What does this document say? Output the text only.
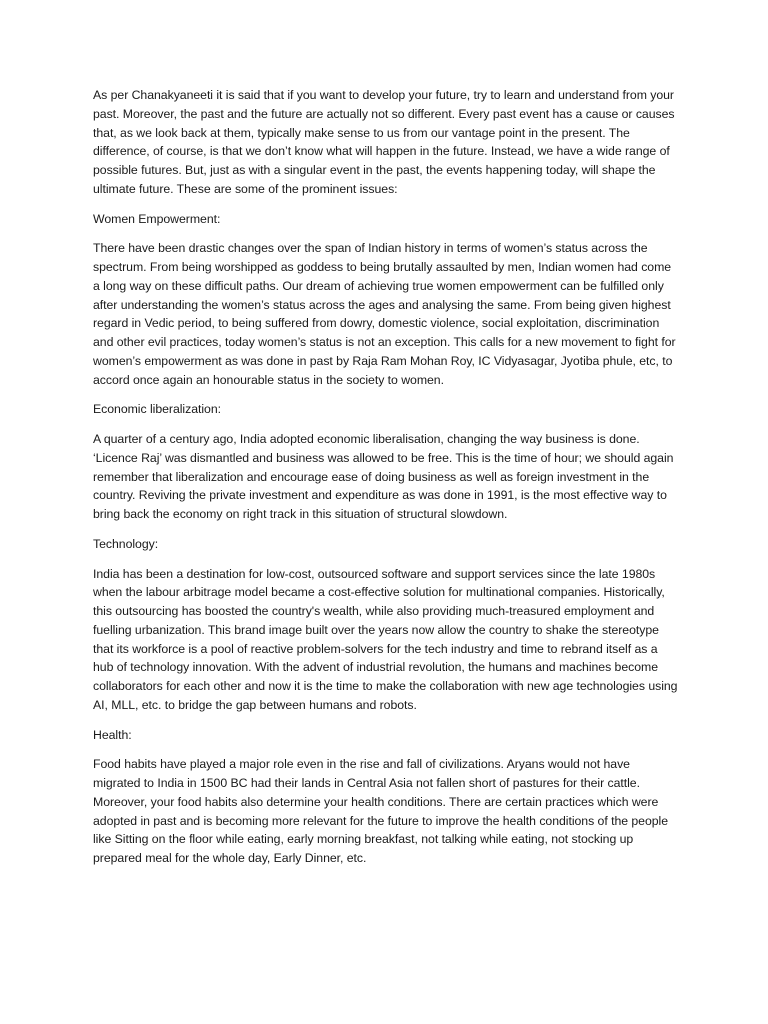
As per Chanakyaneeti it is said that if you want to develop your future, try to learn and understand from your past. Moreover, the past and the future are actually not so different. Every past event has a cause or causes that, as we look back at them, typically make sense to us from our vantage point in the present. The difference, of course, is that we don’t know what will happen in the future. Instead, we have a wide range of possible futures. But, just as with a singular event in the past, the events happening today, will shape the ultimate future. These are some of the prominent issues:

Women Empowerment:

There have been drastic changes over the span of Indian history in terms of women’s status across the spectrum. From being worshipped as goddess to being brutally assaulted by men, Indian women had come a long way on these difficult paths. Our dream of achieving true women empowerment can be fulfilled only after understanding the women’s status across the ages and analysing the same. From being given highest regard in Vedic period, to being suffered from dowry, domestic violence, social exploitation, discrimination and other evil practices, today women’s status is not an exception. This calls for a new movement to fight for women’s empowerment as was done in past by Raja Ram Mohan Roy, IC Vidyasagar, Jyotiba phule, etc, to accord once again an honourable status in the society to women.

Economic liberalization:

A quarter of a century ago, India adopted economic liberalisation, changing the way business is done. ‘Licence Raj’ was dismantled and business was allowed to be free. This is the time of hour; we should again remember that liberalization and encourage ease of doing business as well as foreign investment in the country. Reviving the private investment and expenditure as was done in 1991, is the most effective way to bring back the economy on right track in this situation of structural slowdown.

Technology:

India has been a destination for low-cost, outsourced software and support services since the late 1980s when the labour arbitrage model became a cost-effective solution for multinational companies. Historically, this outsourcing has boosted the country's wealth, while also providing much-treasured employment and fuelling urbanization. This brand image built over the years now allow the country to shake the stereotype that its workforce is a pool of reactive problem-solvers for the tech industry and time to rebrand itself as a hub of technology innovation. With the advent of industrial revolution, the humans and machines become collaborators for each other and now it is the time to make the collaboration with new age technologies using AI, MLL, etc. to bridge the gap between humans and robots.

Health:

Food habits have played a major role even in the rise and fall of civilizations. Aryans would not have migrated to India in 1500 BC had their lands in Central Asia not fallen short of pastures for their cattle. Moreover, your food habits also determine your health conditions. There are certain practices which were adopted in past and is becoming more relevant for the future to improve the health conditions of the people like Sitting on the floor while eating, early morning breakfast, not talking while eating, not stocking up prepared meal for the whole day, Early Dinner, etc.
